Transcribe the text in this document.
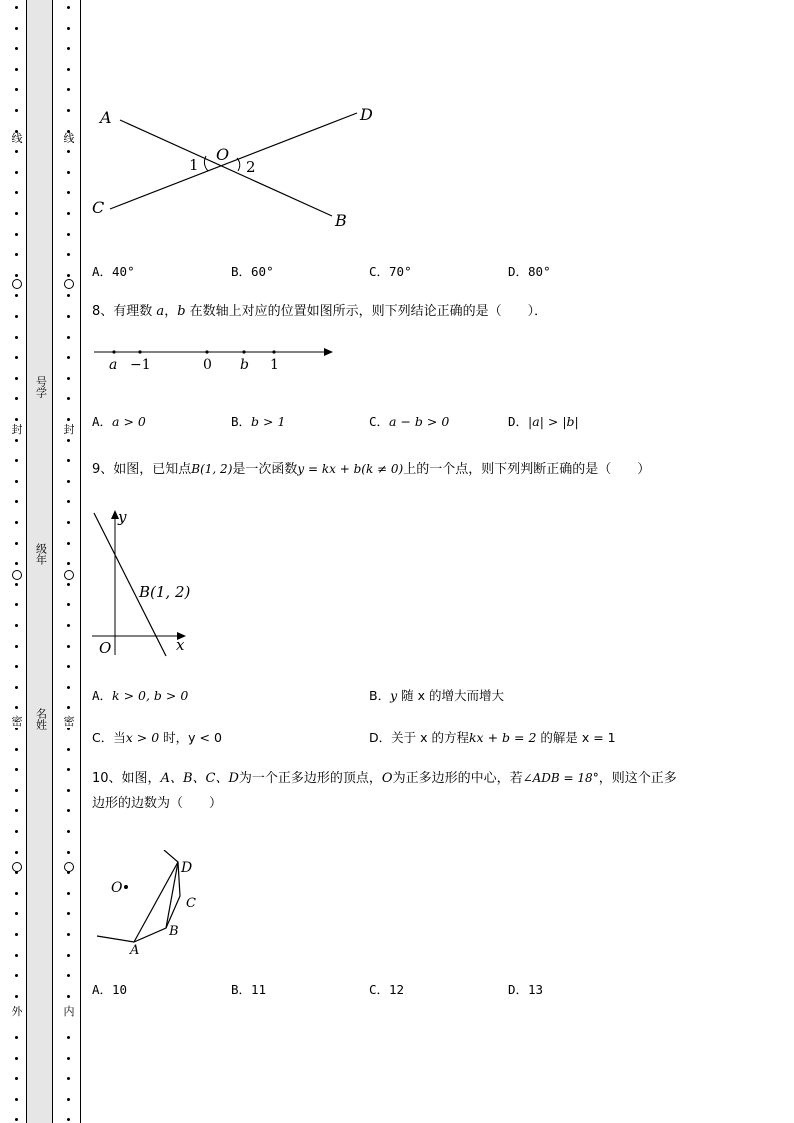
线
封
密
外
号学
级年
名姓
线
封
密
内
A	D
C
B
O
1	2
A．40°	B．60°	C．70°	D．80°
8、有理数 a，b 在数轴上对应的位置如图所示，则下列结论正确的是（　　）．
a −1	0 b 1
A．a > 0	B．b > 1	C．a − b > 0	D．|a| > |b|
9、如图，已知点B(1, 2)是一次函数y = kx + b(k ≠ 0)上的一个点，则下列判断正确的是（　　）
y
x
O
B(1, 2)
A．k > 0, b > 0	B．y 随 x 的增大而增大
C．当x > 0 时，y < 0	D．关于 x 的方程kx + b = 2 的解是 x = 1
10、如图，A、B、C、D为一个正多边形的顶点，O为正多边形的中心，若∠ADB = 18°，则这个正多
边形的边数为（　　）
O
A
B
C
D
A．10	B．11	C．12	D．13
